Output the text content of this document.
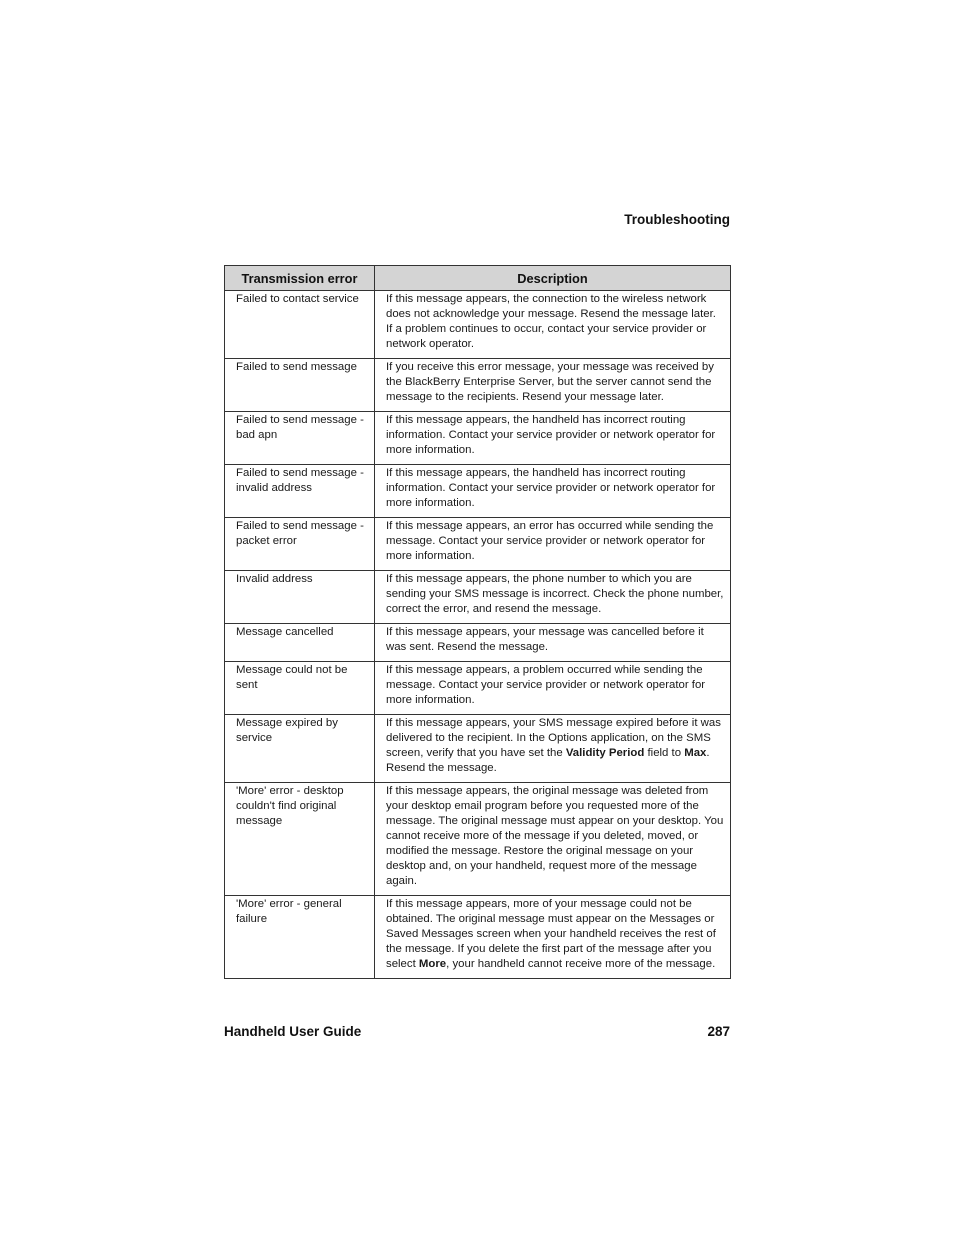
Troubleshooting
Transmission error	Description
Failed to contact service	If this message appears, the connection to the wireless network does not acknowledge your message. Resend the message later. If a problem continues to occur, contact your service provider or network operator.
Failed to send message	If you receive this error message, your message was received by the BlackBerry Enterprise Server, but the server cannot send the message to the recipients. Resend your message later.
Failed to send message - bad apn	If this message appears, the handheld has incorrect routing information. Contact your service provider or network operator for more information.
Failed to send message - invalid address	If this message appears, the handheld has incorrect routing information. Contact your service provider or network operator for more information.
Failed to send message - packet error	If this message appears, an error has occurred while sending the message. Contact your service provider or network operator for more information.
Invalid address	If this message appears, the phone number to which you are sending your SMS message is incorrect. Check the phone number, correct the error, and resend the message.
Message cancelled	If this message appears, your message was cancelled before it was sent. Resend the message.
Message could not be sent	If this message appears, a problem occurred while sending the message. Contact your service provider or network operator for more information.
Message expired by service	If this message appears, your SMS message expired before it was delivered to the recipient. In the Options application, on the SMS screen, verify that you have set the Validity Period field to Max. Resend the message.
'More' error - desktop couldn't find original message	If this message appears, the original message was deleted from your desktop email program before you requested more of the message. The original message must appear on your desktop. You cannot receive more of the message if you deleted, moved, or modified the message. Restore the original message on your desktop and, on your handheld, request more of the message again.
'More' error - general failure	If this message appears, more of your message could not be obtained. The original message must appear on the Messages or Saved Messages screen when your handheld receives the rest of the message. If you delete the first part of the message after you select More, your handheld cannot receive more of the message.
Handheld User Guide	287
